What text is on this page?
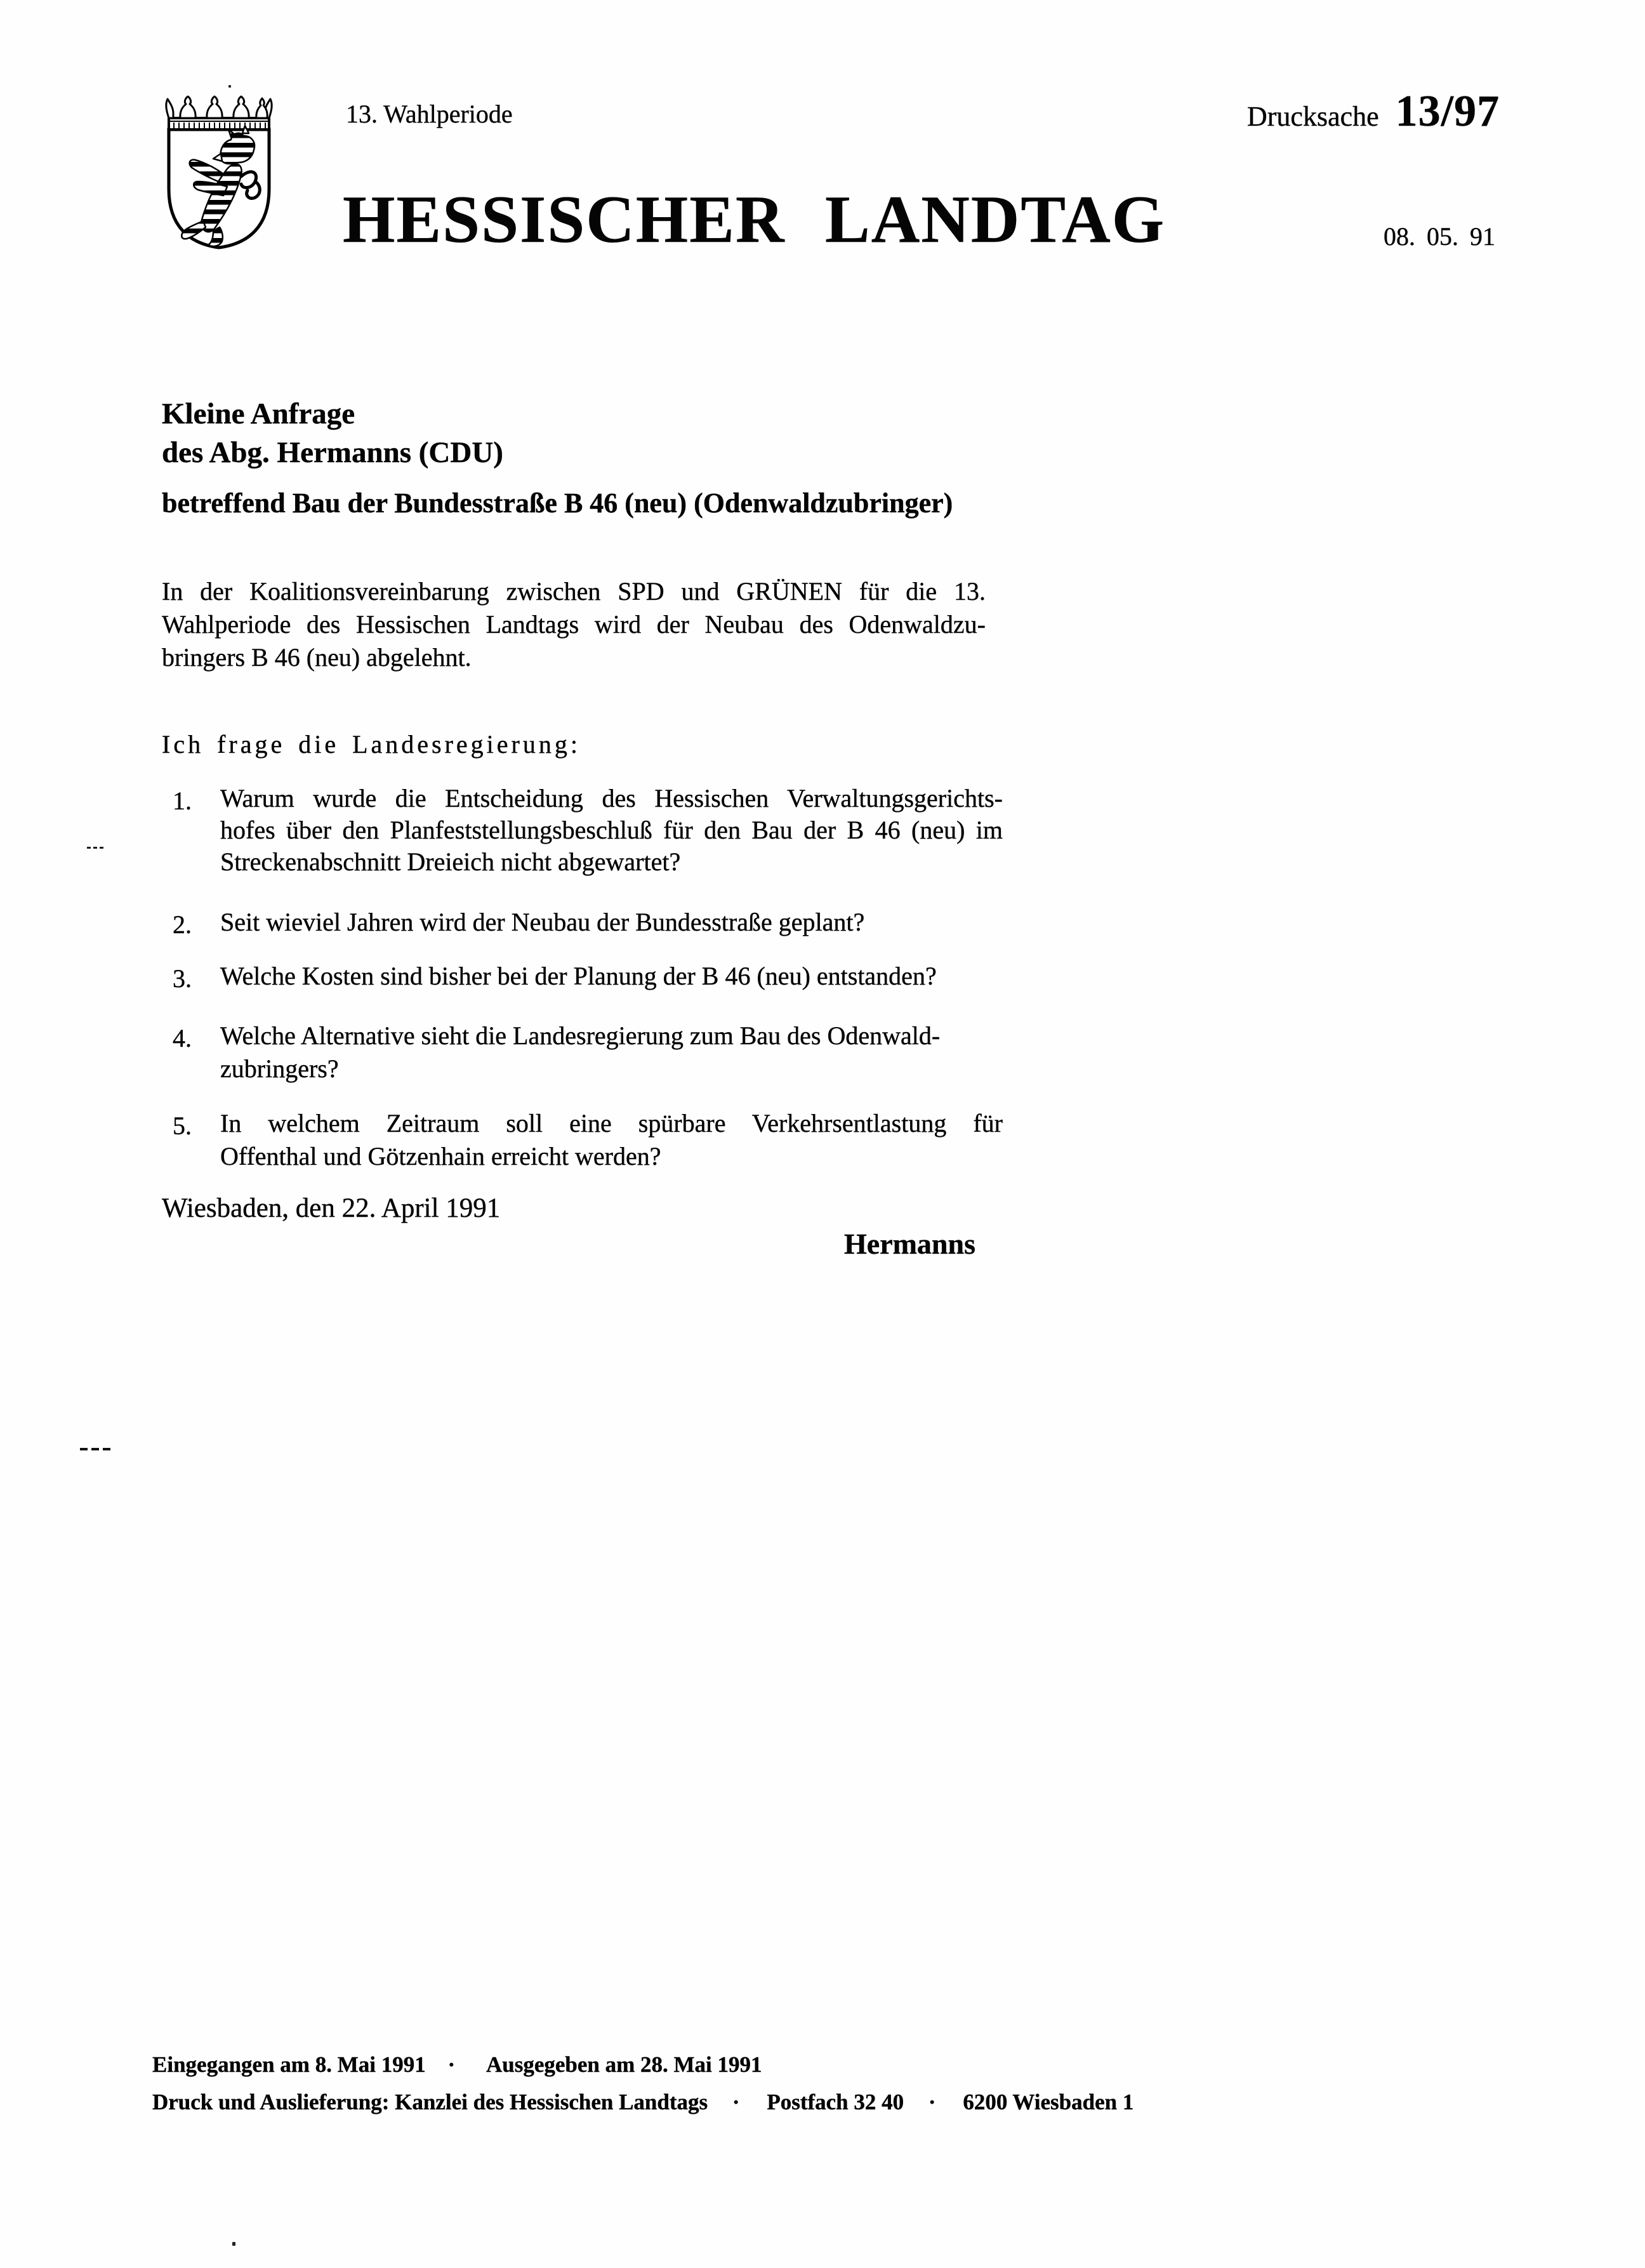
13. Wahlperiode
HESSISCHER LANDTAG
Drucksache 13/97
08. 05. 91
Kleine Anfrage
des Abg. Hermanns (CDU)
betreffend Bau der Bundesstraße B 46 (neu) (Odenwaldzubringer)
In der Koalitionsvereinbarung zwischen SPD und GRÜNEN für die 13.
Wahlperiode des Hessischen Landtags wird der Neubau des Odenwaldzu-
bringers B 46 (neu) abgelehnt.
Ich frage die Landesregierung:
1. Warum wurde die Entscheidung des Hessischen Verwaltungsgerichts-
hofes über den Planfeststellungsbeschluß für den Bau der B 46 (neu) im
Streckenabschnitt Dreieich nicht abgewartet?
2. Seit wieviel Jahren wird der Neubau der Bundesstraße geplant?
3. Welche Kosten sind bisher bei der Planung der B 46 (neu) entstanden?
4. Welche Alternative sieht die Landesregierung zum Bau des Odenwald-
zubringers?
5. In welchem Zeitraum soll eine spürbare Verkehrsentlastung für
Offenthal und Götzenhain erreicht werden?
Wiesbaden, den 22. April 1991
Hermanns
Eingegangen am 8. Mai 1991 · Ausgegeben am 28. Mai 1991
Druck und Auslieferung: Kanzlei des Hessischen Landtags · Postfach 32 40 · 6200 Wiesbaden 1
